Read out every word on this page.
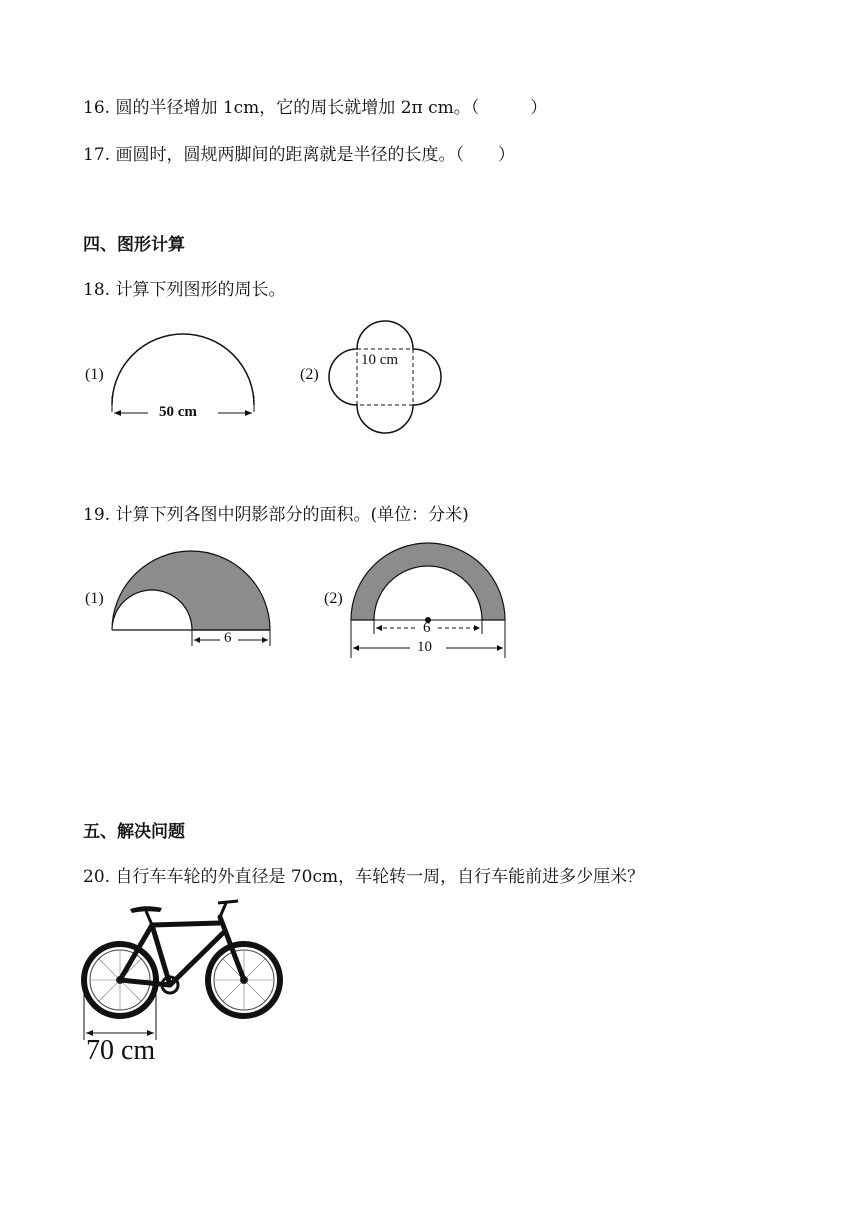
16. 圆的半径增加 1cm，它的周长就增加 2π cm。（　　　）
17. 画圆时，圆规两脚间的距离就是半径的长度。（　　）
四、图形计算
18. 计算下列图形的周长。
(1)
50 cm
(2)
10 cm
19. 计算下列各图中阴影部分的面积。(单位：分米)
(1)
6
(2)
6
10
五、解决问题
20. 自行车车轮的外直径是 70cm，车轮转一周，自行车能前进多少厘米？
70 cm
